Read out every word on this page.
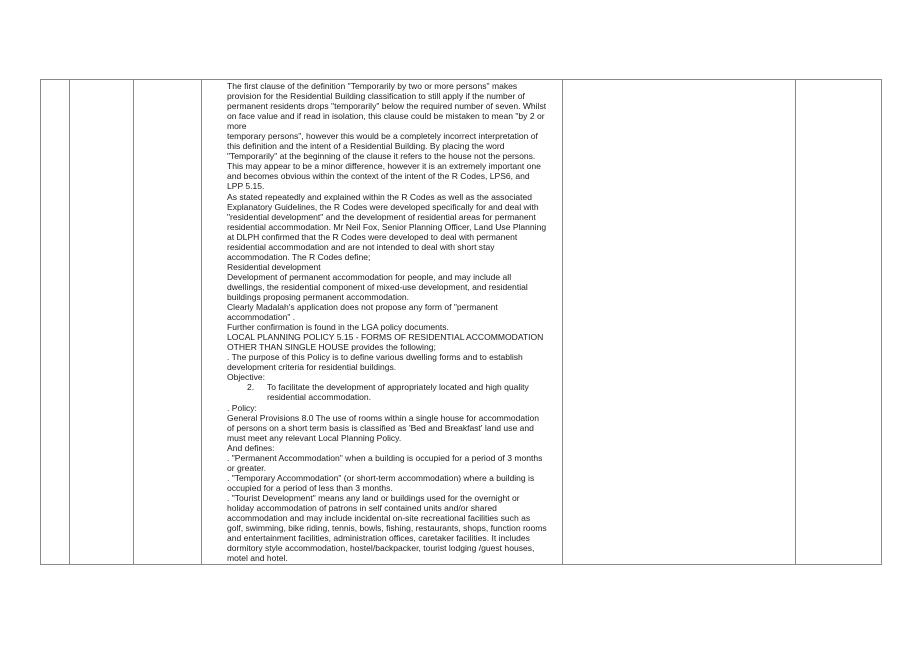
The first clause of the definition "Temporarily by two or more persons" makes

provision for the Residential Building classification to still apply if the number of

permanent residents drops "temporarily" below the required number of seven. Whilst

on face value and if read in isolation, this clause could be mistaken to mean "by 2 or

more

temporary persons", however this would be a completely incorrect interpretation of

this definition and the intent of a Residential Building. By placing the word

"Temporarily" at the beginning of the clause it refers to the house not the persons.

This may appear to be a minor difference, however it is an extremely important one

and becomes obvious within the context of the intent of the R Codes, LPS6, and

LPP 5.15.

As stated repeatedly and explained within the R Codes as well as the associated

Explanatory Guidelines, the R Codes were developed specifically for and deal with

"residential development" and the development of residential areas for permanent

residential accommodation. Mr Neil Fox, Senior Planning Officer, Land Use Planning

at DLPH confirmed that the R Codes were developed to deal with permanent

residential accommodation and are not intended to deal with short stay

accommodation. The R Codes define;

Residential development

Development of permanent accommodation for people, and may include all

dwellings, the residential component of mixed-use development, and residential

buildings proposing permanent accommodation.

Clearly Madalah's application does not propose any form of "permanent

accommodation" .

Further confirmation is found in the LGA policy documents.

LOCAL PLANNING POLICY 5.15 - FORMS OF RESIDENTIAL ACCOMMODATION

OTHER THAN SINGLE HOUSE provides the following;

. The purpose of this Policy is to define various dwelling forms and to establish

development criteria for residential buildings.

Objective:

2.	To facilitate the development of appropriately located and high quality

residential accommodation.

. Policy:

General Provisions 8.0 The use of rooms within a single house for accommodation

of persons on a short term basis is classified as 'Bed and Breakfast' land use and

must meet any relevant Local Planning Policy.

And defines:

. "Permanent Accommodation" when a building is occupied for a period of 3 months

or greater.

. "Temporary Accommodation" (or short-term accommodation) where a building is

occupied for a period of less than 3 months.

. "Tourist Development" means any land or buildings used for the overnight or

holiday accommodation of patrons in self contained units and/or shared

accommodation and may include incidental on-site recreational facilities such as

golf, swimming, bike riding, tennis, bowls, fishing, restaurants, shops, function rooms

and entertainment facilities, administration offices, caretaker facilities. It includes

dormitory style accommodation, hostel/backpacker, tourist lodging /guest houses,

motel and hotel.
